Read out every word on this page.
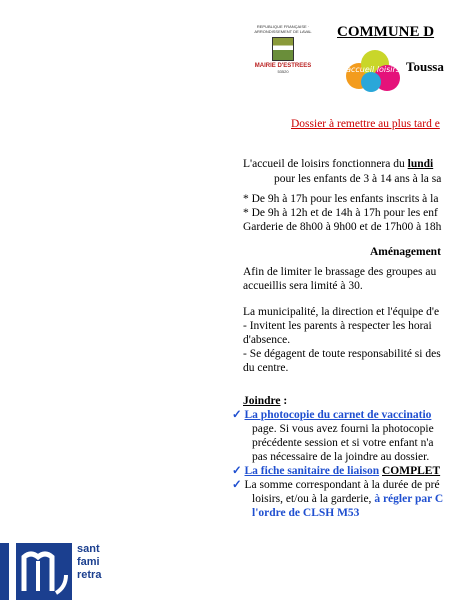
REPUBLIQUE FRANÇAISE · ARRONDISSEMENT DE LAVAL
MAIRIE D'ESTREES
53520
COMMUNE D
accueil loisirs Toussa
Dossier à remettre au plus tard e
L'accueil de loisirs fonctionnera du lundi
pour les enfants de 3 à 14 ans à la sa
* De 9h à 17h pour les enfants inscrits à la
* De 9h à 12h et de 14h à 17h pour les enf
Garderie de 8h00 à 9h00 et de 17h00 à 18h
Aménagement
Afin de limiter le brassage des groupes au
accueillis sera limité à 30.
La municipalité, la direction et l'équipe d'e
- Invitent les parents à respecter les horai
d'absence.
- Se dégagent de toute responsabilité si des
du centre.
Joindre :
✓ La photocopie du carnet de vaccinatio
page. Si vous avez fourni la photocopie
précédente session et si votre enfant n'a
pas nécessaire de la joindre au dossier.
✓ La fiche sanitaire de liaison COMPLET
✓ La somme correspondant à la durée de pré
loisirs, et/ou à la garderie, à régler par C
l'ordre de CLSH M53
sant
fami
retra
